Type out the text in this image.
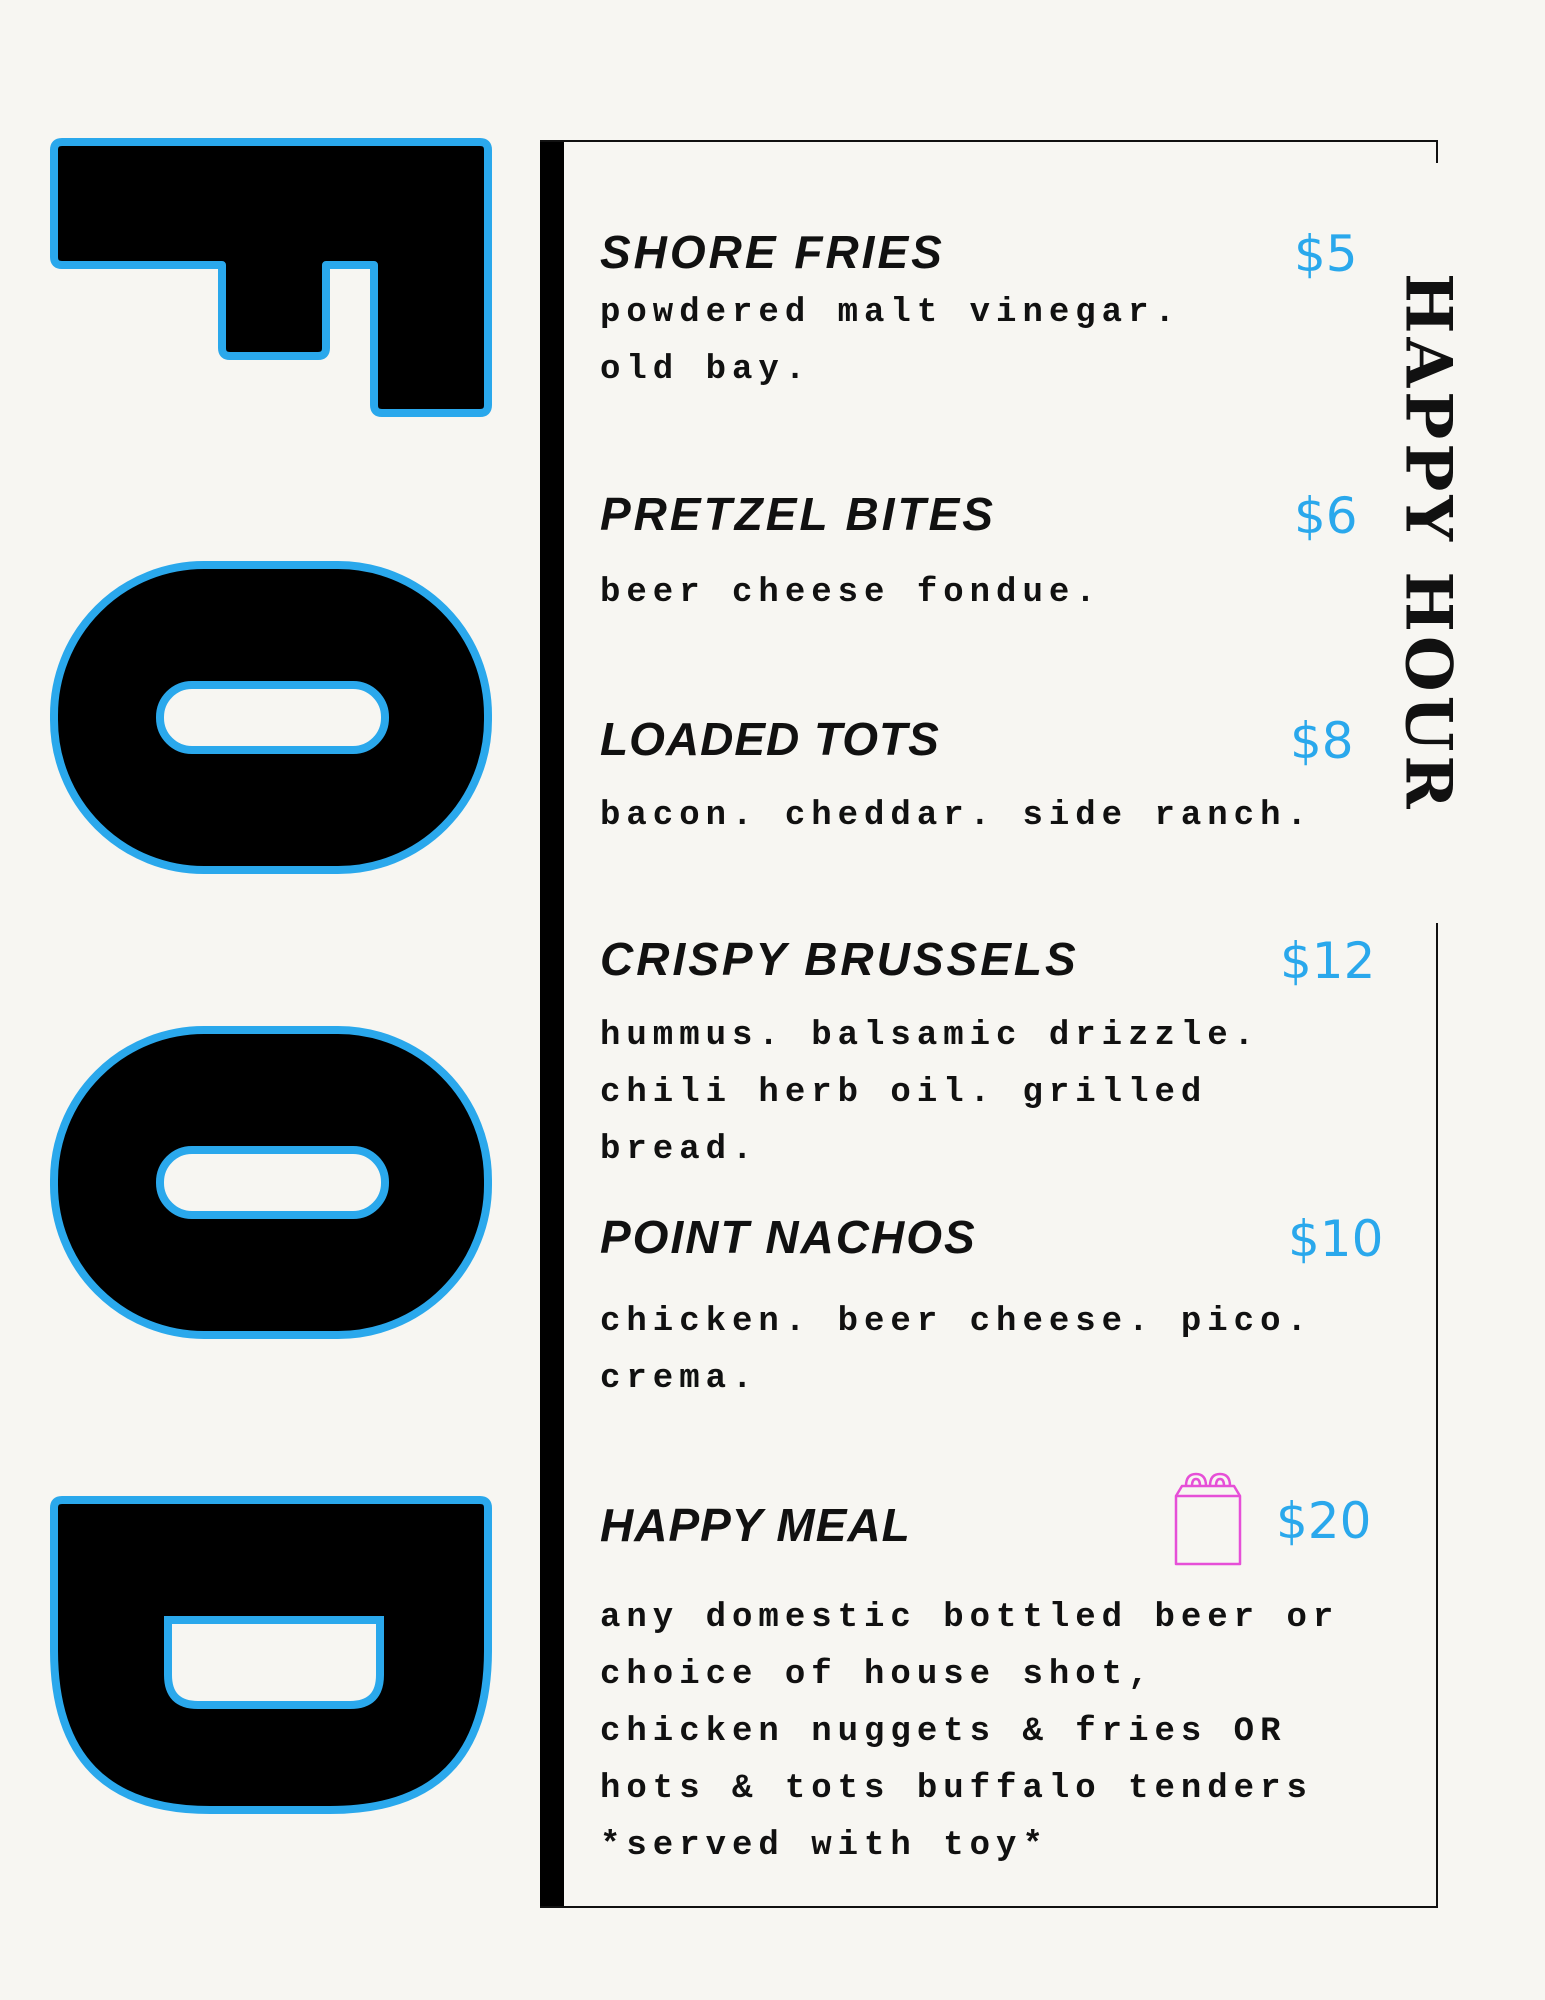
HAPPY HOUR
SHORE FRIES	$5
powdered malt vinegar.
old bay.
PRETZEL BITES	$6
beer cheese fondue.
LOADED TOTS	$8
bacon. cheddar. side ranch.
CRISPY BRUSSELS	$12
hummus. balsamic drizzle.
chili herb oil. grilled bread.
POINT NACHOS	$10
chicken. beer cheese. pico.
crema.
HAPPY MEAL	$20
any domestic bottled beer or
choice of house shot,
chicken nuggets & fries OR
hots & tots buffalo tenders
*served with toy*
